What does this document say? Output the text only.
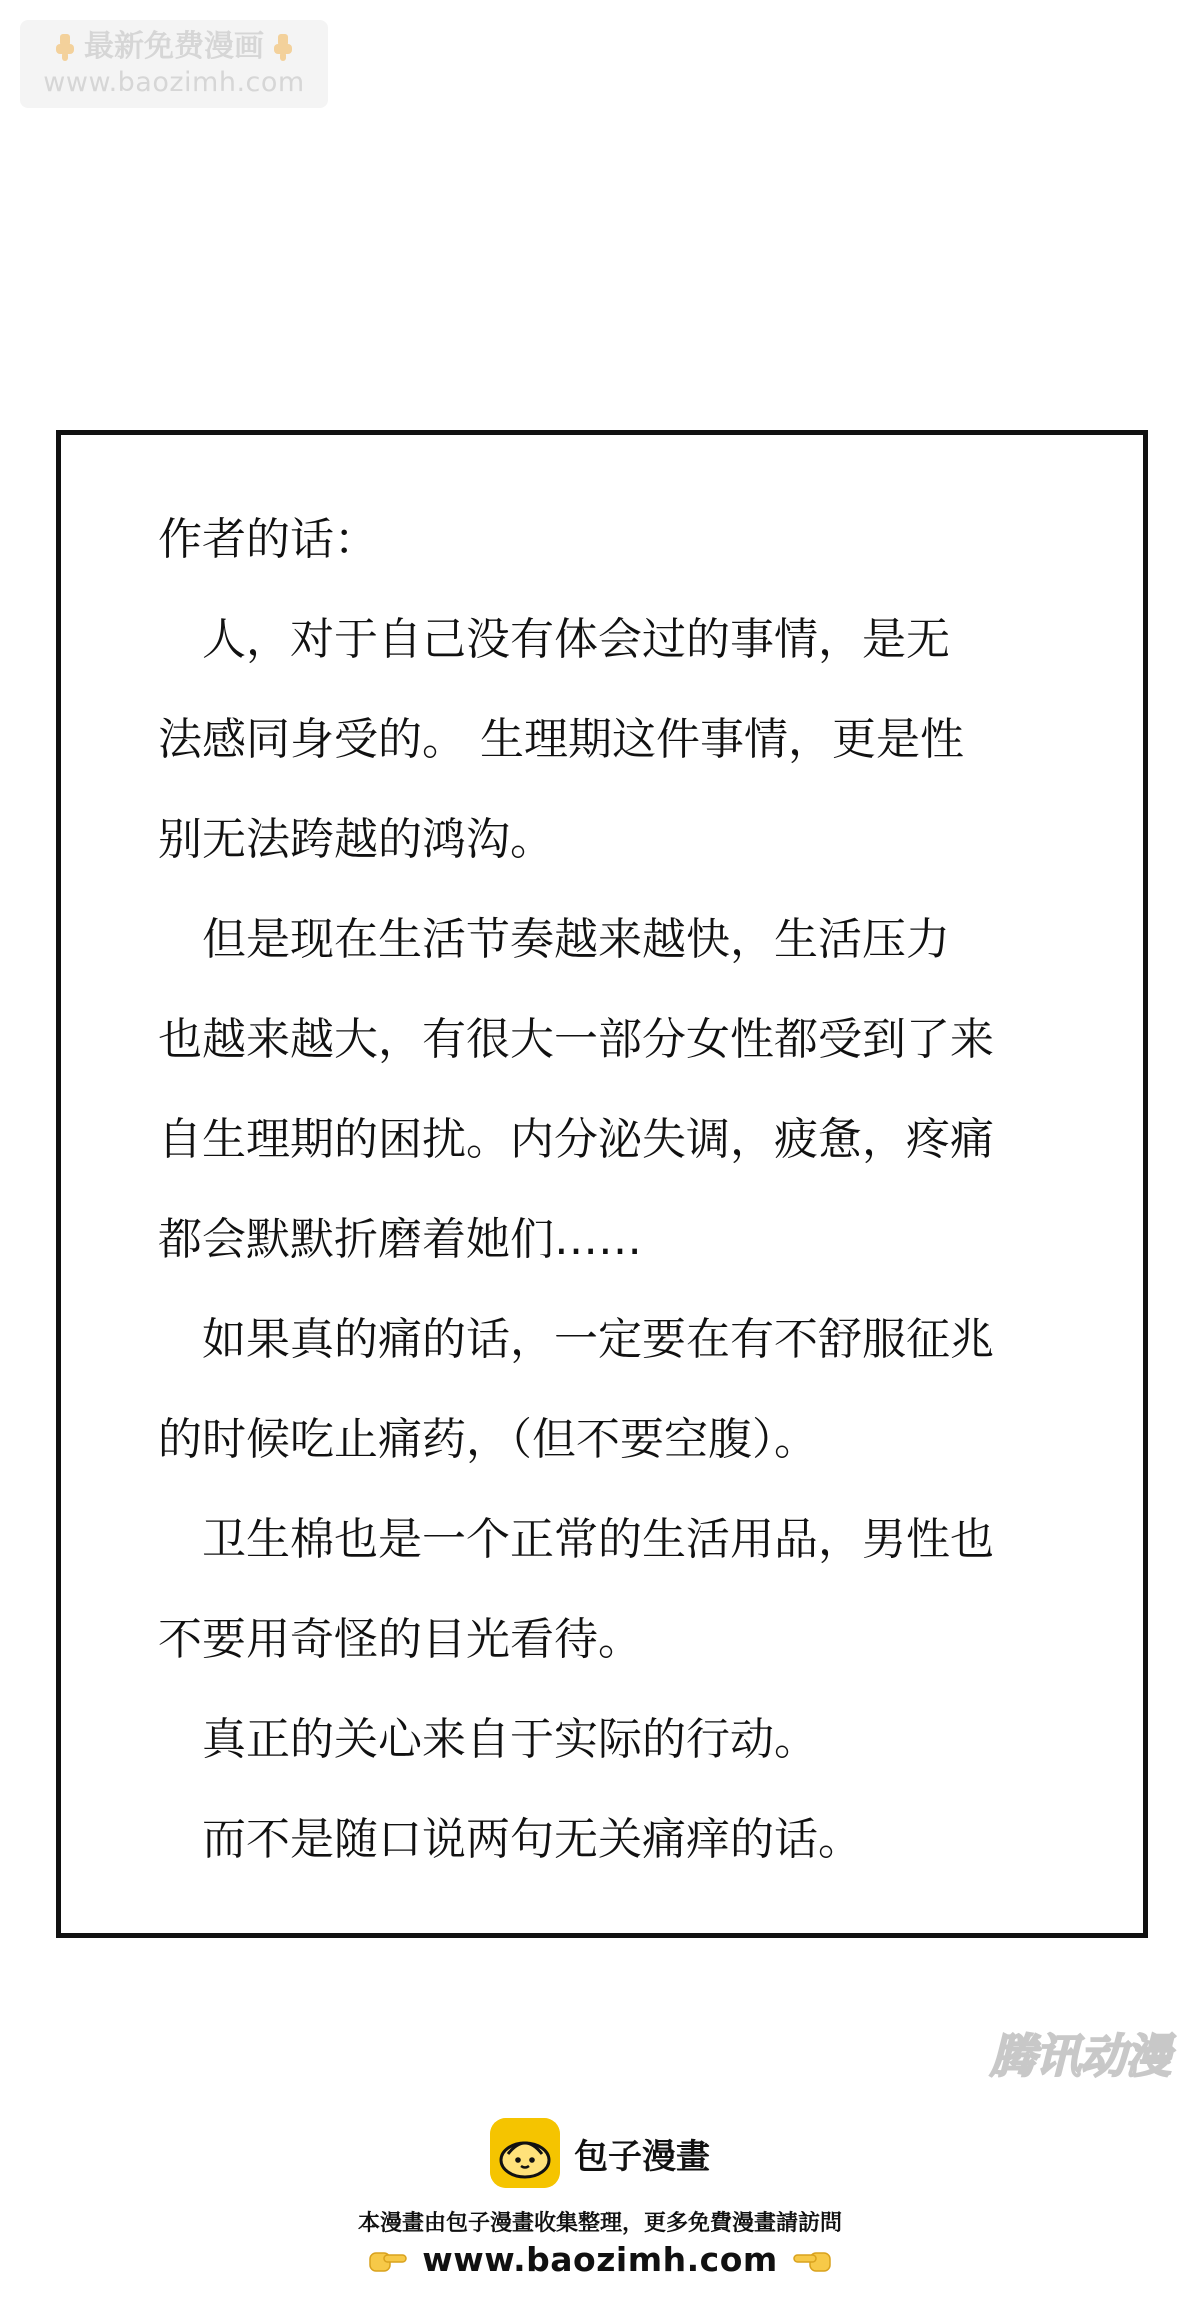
最新免费漫画
www.baozimh.com
作者的话：
　人，对于自己没有体会过的事情，是无
法感同身受的。 生理期这件事情，更是性
别无法跨越的鸿沟。
　但是现在生活节奏越来越快，生活压力
也越来越大，有很大一部分女性都受到了来
自生理期的困扰。内分泌失调，疲惫，疼痛
都会默默折磨着她们……
　如果真的痛的话，一定要在有不舒服征兆
的时候吃止痛药，（但不要空腹）。
　卫生棉也是一个正常的生活用品，男性也
不要用奇怪的目光看待。
　真正的关心来自于实际的行动。
　而不是随口说两句无关痛痒的话。
腾讯动漫
包子漫畫
本漫畫由包子漫畫收集整理，更多免費漫畫請訪問
www.baozimh.com
